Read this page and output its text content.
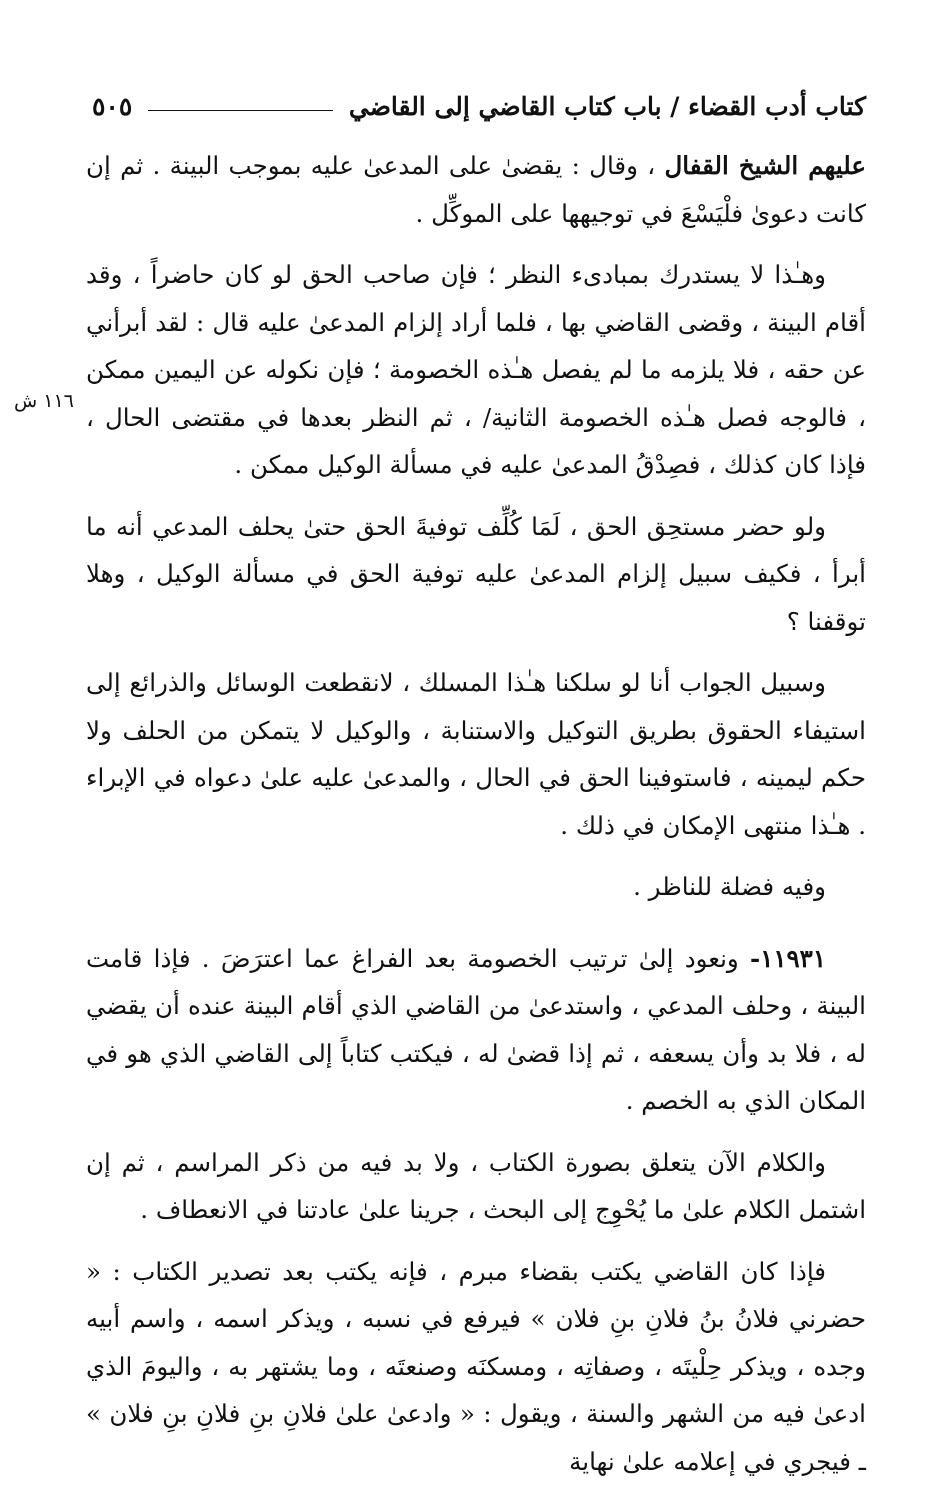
كتاب أدب القضاء / باب كتاب القاضي إلى القاضي
٥٠٥
١١٦ ش

عليهم الشيخ القفال ، وقال : يقضىٰ على المدعىٰ عليه بموجب البينة . ثم إن كانت دعوىٰ فلْيَسْعَ في توجيهها على الموكِّل .

وهـٰذا لا يستدرك بمبادىء النظر ؛ فإن صاحب الحق لو كان حاضراً ، وقد أقام البينة ، وقضى القاضي بها ، فلما أراد إلزام المدعىٰ عليه قال : لقد أبرأني عن حقه ، فلا يلزمه ما لم يفصل هـٰذه الخصومة ؛ فإن نكوله عن اليمين ممكن ، فالوجه فصل هـٰذه الخصومة الثانية/ ، ثم النظر بعدها في مقتضى الحال ، فإذا كان كذلك ، فصِدْقُ المدعىٰ عليه في مسألة الوكيل ممكن .

ولو حضر مستحِق الحق ، لَمَا كُلِّف توفيةَ الحق حتىٰ يحلف المدعي أنه ما أبرأ ، فكيف سبيل إلزام المدعىٰ عليه توفية الحق في مسألة الوكيل ، وهلا توقفنا ؟

وسبيل الجواب أنا لو سلكنا هـٰذا المسلك ، لانقطعت الوسائل والذرائع إلى استيفاء الحقوق بطريق التوكيل والاستنابة ، والوكيل لا يتمكن من الحلف ولا حكم ليمينه ، فاستوفينا الحق في الحال ، والمدعىٰ عليه علىٰ دعواه في الإبراء . هـٰذا منتهى الإمكان في ذلك .

وفيه فضلة للناظر .

١١٩٣١- ونعود إلىٰ ترتيب الخصومة بعد الفراغ عما اعترَضَ . فإذا قامت البينة ، وحلف المدعي ، واستدعىٰ من القاضي الذي أقام البينة عنده أن يقضي له ، فلا بد وأن يسعفه ، ثم إذا قضىٰ له ، فيكتب كتاباً إلى القاضي الذي هو في المكان الذي به الخصم .

والكلام الآن يتعلق بصورة الكتاب ، ولا بد فيه من ذكر المراسم ، ثم إن اشتمل الكلام علىٰ ما يُحْوِج إلى البحث ، جرينا علىٰ عادتنا في الانعطاف .

فإذا كان القاضي يكتب بقضاء مبرم ، فإنه يكتب بعد تصدير الكتاب : « حضرني فلانُ بنُ فلانِ بنِ فلان » فيرفع في نسبه ، ويذكر اسمه ، واسم أبيه وجده ، ويذكر حِلْيتَه ، وصفاتِه ، ومسكنَه وصنعتَه ، وما يشتهر به ، واليومَ الذي ادعىٰ فيه من الشهر والسنة ، ويقول : « وادعىٰ علىٰ فلانِ بنِ فلانِ بنِ فلان » ـ فيجري في إعلامه علىٰ نهاية
